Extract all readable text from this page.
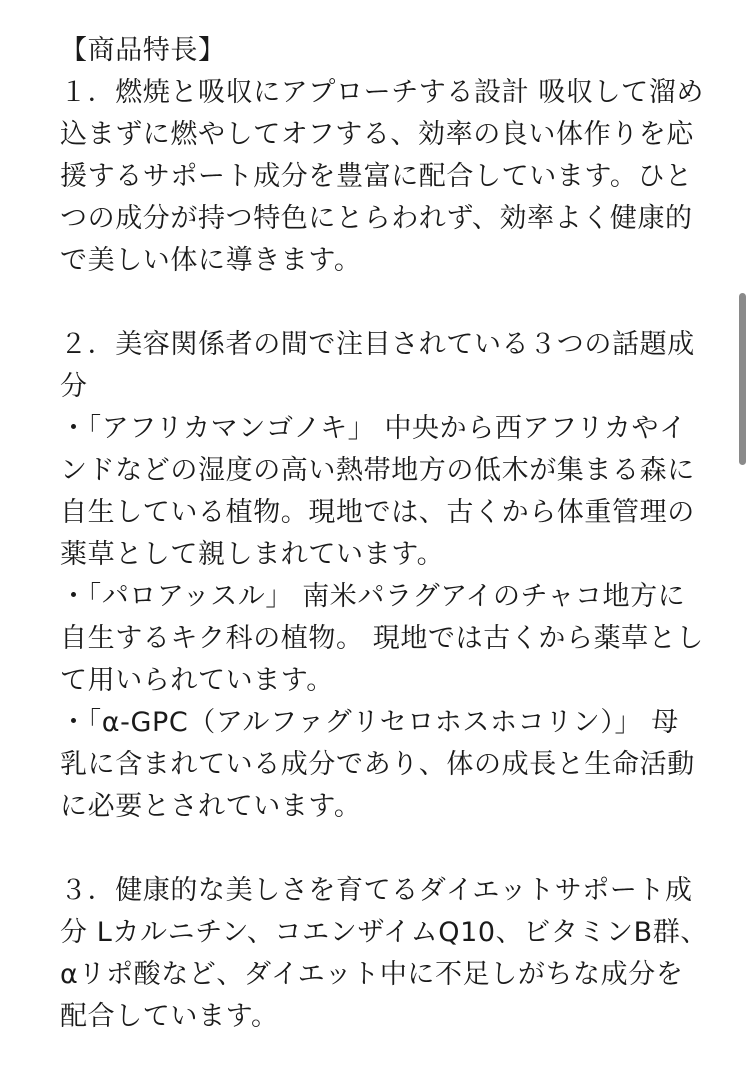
【商品特長】
１．燃焼と吸収にアプローチする設計 吸収して溜め
込まずに燃やしてオフする、効率の良い体作りを応
援するサポート成分を豊富に配合しています。ひと
つの成分が持つ特色にとらわれず、効率よく健康的
で美しい体に導きます。
２．美容関係者の間で注目されている３つの話題成
分
・「アフリカマンゴノキ」 中央から西アフリカやイ
ンドなどの湿度の高い熱帯地方の低木が集まる森に
自生している植物。現地では、古くから体重管理の
薬草として親しまれています。
・「パロアッスル」 南米パラグアイのチャコ地方に
自生するキク科の植物。 現地では古くから薬草とし
て用いられています。
・「α-GPC（アルファグリセロホスホコリン）」 母
乳に含まれている成分であり、体の成長と生命活動
に必要とされています。
３．健康的な美しさを育てるダイエットサポート成
分 Lカルニチン、コエンザイムQ10、ビタミンB群、
αリポ酸など、ダイエット中に不足しがちな成分を
配合しています。
